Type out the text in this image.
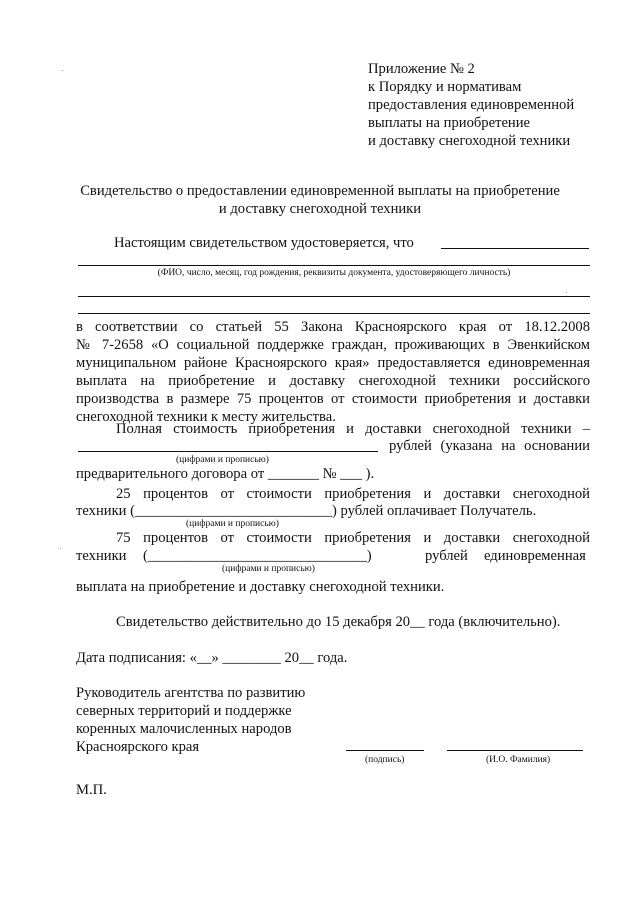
Приложение № 2
к Порядку и нормативам
предоставления единовременной
выплаты на приобретение
и доставку снегоходной техники
Свидетельство о предоставлении единовременной выплаты на приобретение
и доставку снегоходной техники
Настоящим свидетельством удостоверяется, что
(ФИО, число, месяц, год рождения, реквизиты документа, удостоверяющего личность)
в соответствии со статьей 55 Закона Красноярского края от 18.12.2008
№ 7-2658 «О социальной поддержке граждан, проживающих в Эвенкийском
муниципальном районе Красноярского края» предоставляется единовременная
выплата на приобретение и доставку снегоходной техники российского
производства в размере 75 процентов от стоимости приобретения и доставки
снегоходной техники к месту жительства.
Полная стоимость приобретения и доставки снегоходной техники –
рублей (указана на основании
(цифрами и прописью)
предварительного договора от _______ № ___ ).
25 процентов от стоимости приобретения и доставки снегоходной
техники (___________________________) рублей оплачивает Получатель.
(цифрами и прописью)
75 процентов от стоимости приобретения и доставки снегоходной
техники (______________________________)	рублей единовременная
(цифрами и прописью)
выплата на приобретение и доставку снегоходной техники.
Свидетельство действительно до 15 декабря 20__ года (включительно).
Дата подписания: «__» ________ 20__ года.
Руководитель агентства по развитию
северных территорий и поддержке
коренных малочисленных народов
Красноярского края
(подпись)	(И.О. Фамилия)
М.П.
